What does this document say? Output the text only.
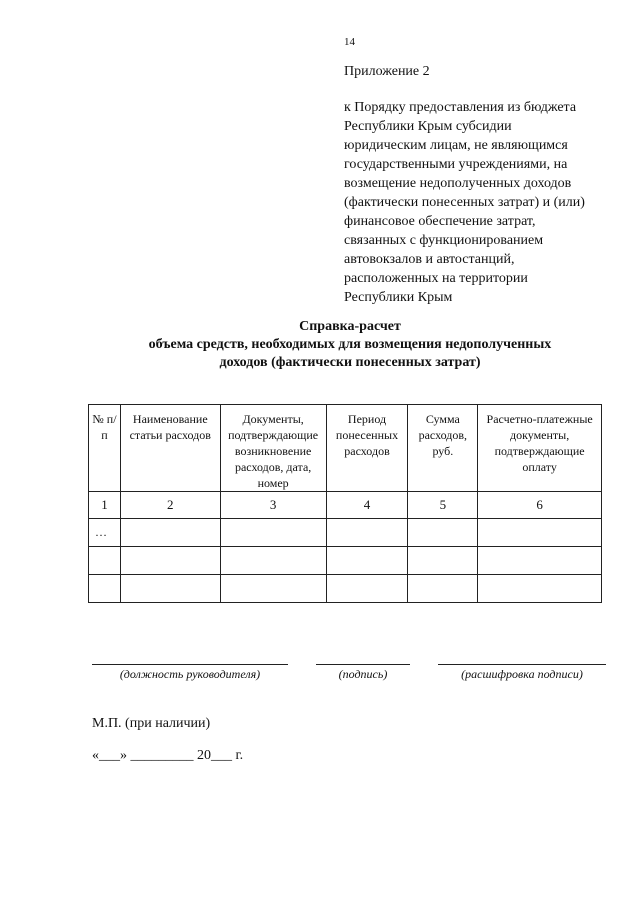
14
Приложение 2
к Порядку предоставления из бюджета
Республики Крым субсидии
юридическим лицам, не являющимся
государственными учреждениями, на
возмещение недополученных доходов
(фактически понесенных затрат) и (или)
финансовое обеспечение затрат,
связанных с функционированием
автовокзалов и автостанций,
расположенных на территории
Республики Крым
Справка-расчет
объема средств, необходимых для возмещения недополученных
доходов (фактически понесенных затрат)
№ п/п	Наименование статьи расходов	Документы, подтверждающие возникновение расходов, дата, номер	Период понесенных расходов	Сумма расходов, руб.	Расчетно-платежные документы, подтверждающие оплату
1	2	3	4	5	6
…					

(должность руководителя)	(подпись)	(расшифровка подписи)
М.П. (при наличии)
«___» _________ 20___ г.
